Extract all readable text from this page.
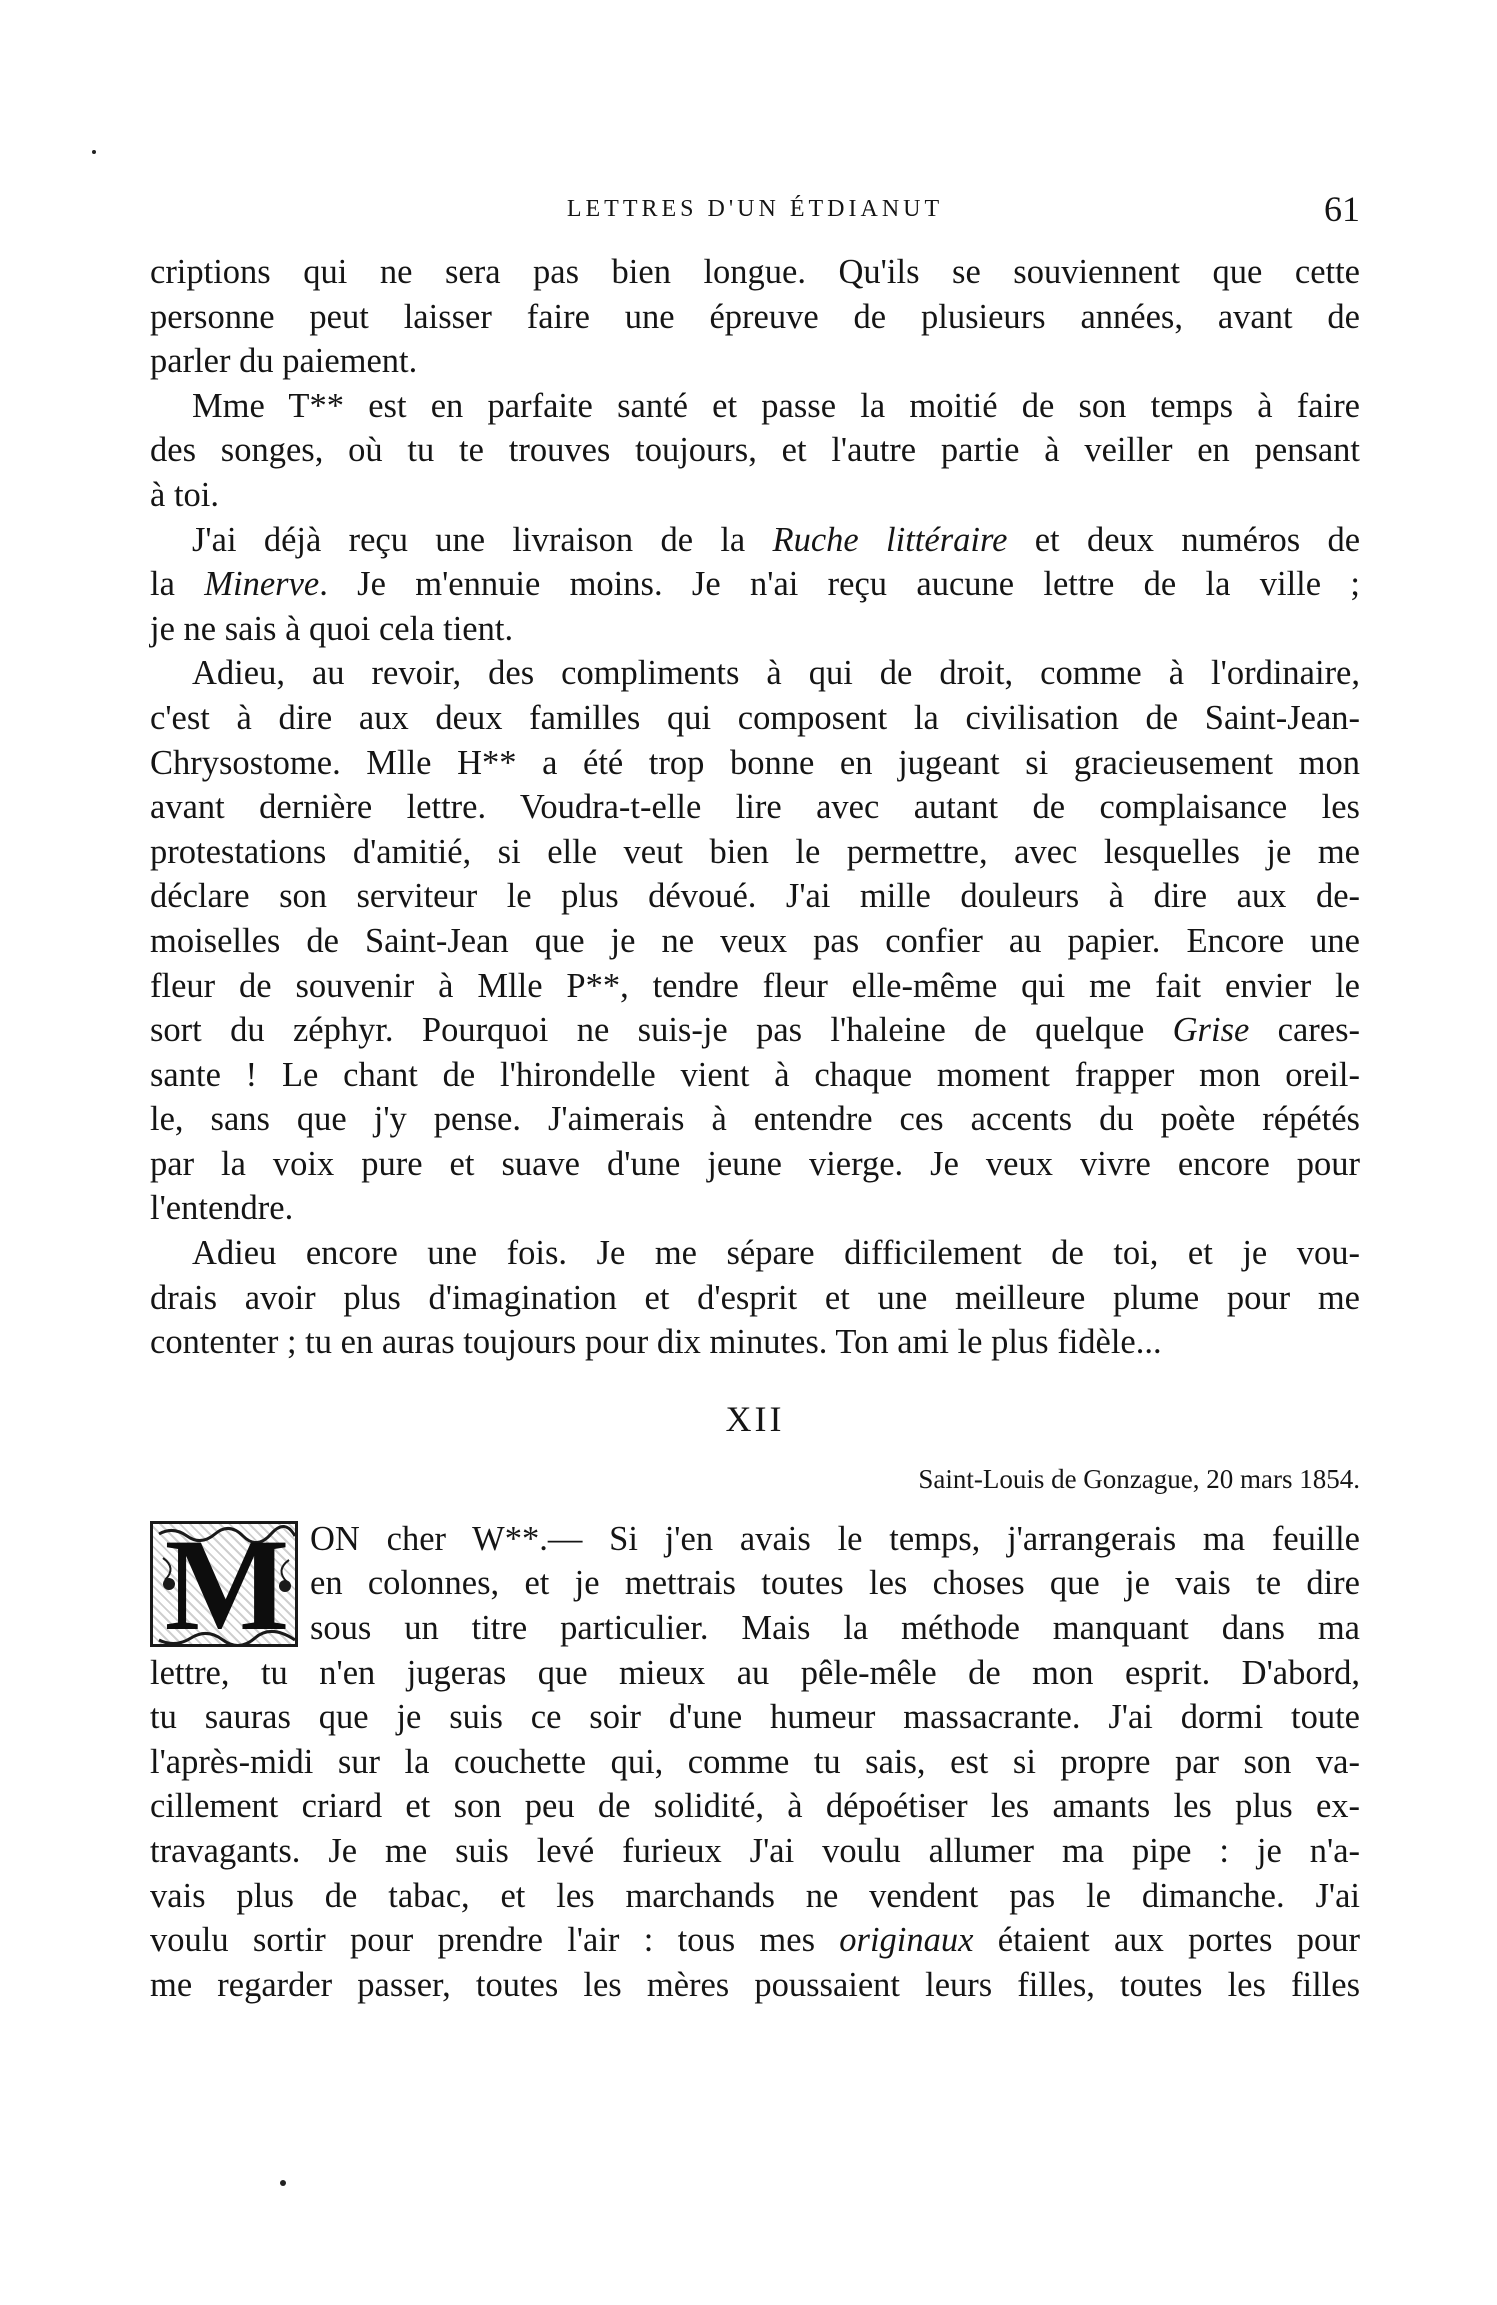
LETTRES D'UN ÉTDIANUT	61
criptions qui ne sera pas bien longue. Qu'ils se souviennent que cette
personne peut laisser faire une épreuve de plusieurs années, avant de
parler du paiement.
Mme T** est en parfaite santé et passe la moitié de son temps à faire
des songes, où tu te trouves toujours, et l'autre partie à veiller en pensant
à toi.
J'ai déjà reçu une livraison de la Ruche littéraire et deux numéros de
la Minerve. Je m'ennuie moins. Je n'ai reçu aucune lettre de la ville ;
je ne sais à quoi cela tient.
Adieu, au revoir, des compliments à qui de droit, comme à l'ordinaire,
c'est à dire aux deux familles qui composent la civilisation de Saint-Jean-
Chrysostome. Mlle H** a été trop bonne en jugeant si gracieusement mon
avant dernière lettre. Voudra-t-elle lire avec autant de complaisance les
protestations d'amitié, si elle veut bien le permettre, avec lesquelles je me
déclare son serviteur le plus dévoué. J'ai mille douleurs à dire aux de-
moiselles de Saint-Jean que je ne veux pas confier au papier. Encore une
fleur de souvenir à Mlle P**, tendre fleur elle-même qui me fait envier le
sort du zéphyr. Pourquoi ne suis-je pas l'haleine de quelque Grise cares-
sante ! Le chant de l'hirondelle vient à chaque moment frapper mon oreil-
le, sans que j'y pense. J'aimerais à entendre ces accents du poète répétés
par la voix pure et suave d'une jeune vierge. Je veux vivre encore pour
l'entendre.
Adieu encore une fois. Je me sépare difficilement de toi, et je vou-
drais avoir plus d'imagination et d'esprit et une meilleure plume pour me
contenter ; tu en auras toujours pour dix minutes. Ton ami le plus fidèle...
XII
Saint-Louis de Gonzague, 20 mars 1854.
M ON cher W**.— Si j'en avais le temps, j'arrangerais ma feuille
en colonnes, et je mettrais toutes les choses que je vais te dire
sous un titre particulier. Mais la méthode manquant dans ma
lettre, tu n'en jugeras que mieux au pêle-mêle de mon esprit. D'abord,
tu sauras que je suis ce soir d'une humeur massacrante. J'ai dormi toute
l'après-midi sur la couchette qui, comme tu sais, est si propre par son va-
cillement criard et son peu de solidité, à dépoétiser les amants les plus ex-
travagants. Je me suis levé furieux J'ai voulu allumer ma pipe : je n'a-
vais plus de tabac, et les marchands ne vendent pas le dimanche. J'ai
voulu sortir pour prendre l'air : tous mes originaux étaient aux portes pour
me regarder passer, toutes les mères poussaient leurs filles, toutes les filles
